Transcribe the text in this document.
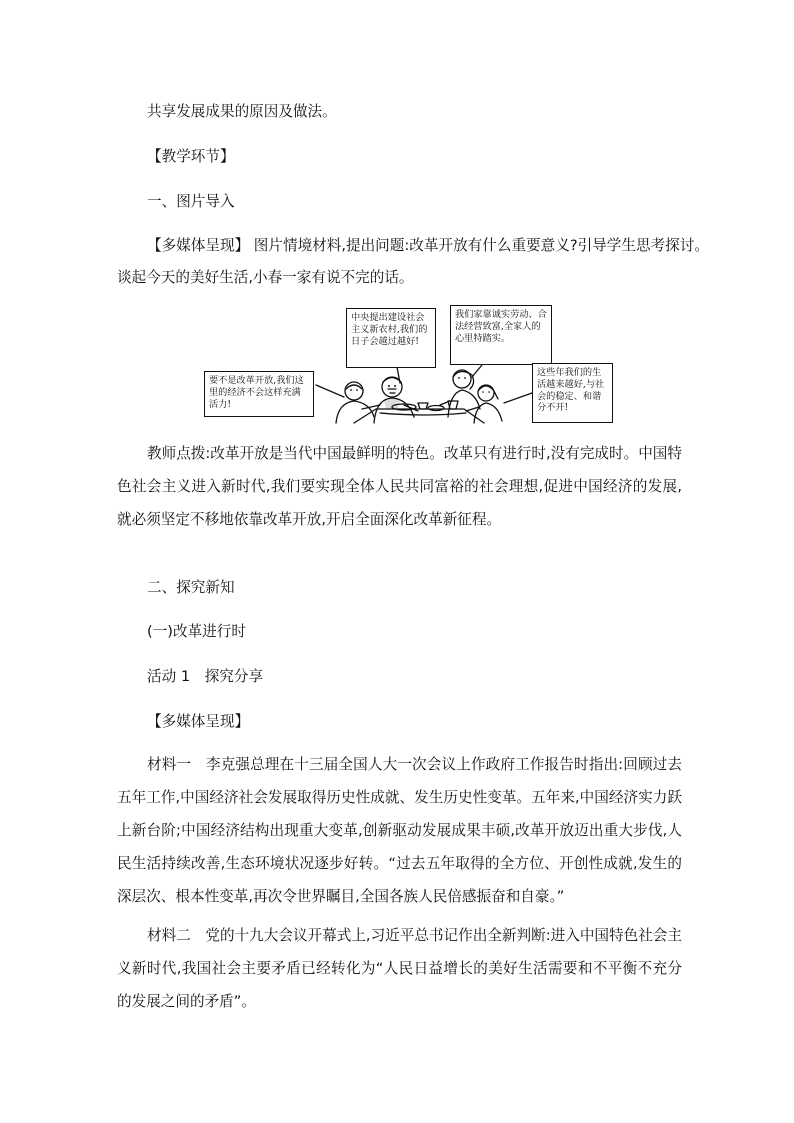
共享发展成果的原因及做法。
【教学环节】
一、图片导入
【多媒体呈现】 图片情境材料,提出问题:改革开放有什么重要意义?引导学生思考探讨。
谈起今天的美好生活,小春一家有说不完的话。
中央提出建设社会主义新农村,我们的日子会越过越好!
要不是改革开放,我们这里的经济不会这样充满活力!
我们家靠诚实劳动、合法经营致富,全家人的心里特踏实。
这些年我们的生活越来越好,与社会的稳定、和谐分不开!
教师点拨:改革开放是当代中国最鲜明的特色。改革只有进行时,没有完成时。中国特色社会主义进入新时代,我们要实现全体人民共同富裕的社会理想,促进中国经济的发展,就必须坚定不移地依靠改革开放,开启全面深化改革新征程。
二、探究新知
(一)改革进行时
活动 1　探究分享
【多媒体呈现】
材料一　李克强总理在十三届全国人大一次会议上作政府工作报告时指出:回顾过去五年工作,中国经济社会发展取得历史性成就、发生历史性变革。五年来,中国经济实力跃上新台阶;中国经济结构出现重大变革,创新驱动发展成果丰硕,改革开放迈出重大步伐,人民生活持续改善,生态环境状况逐步好转。“过去五年取得的全方位、开创性成就,发生的深层次、根本性变革,再次令世界瞩目,全国各族人民倍感振奋和自豪。”
材料二　党的十九大会议开幕式上,习近平总书记作出全新判断:进入中国特色社会主义新时代,我国社会主要矛盾已经转化为“人民日益增长的美好生活需要和不平衡不充分的发展之间的矛盾”。
